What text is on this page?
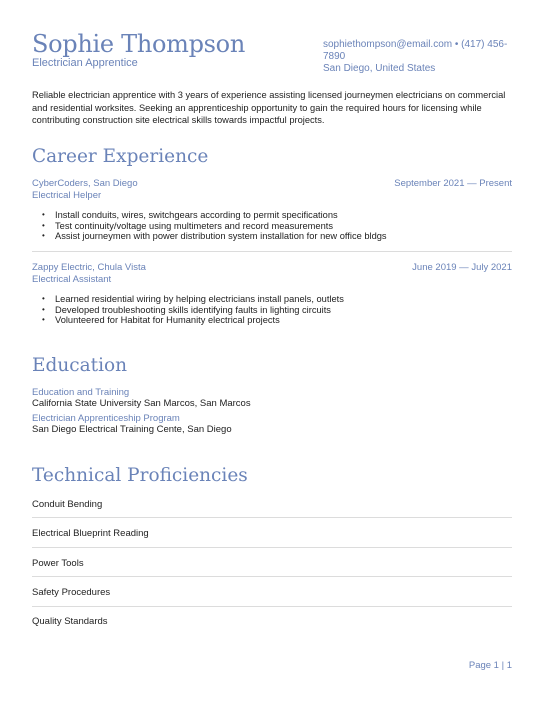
Sophie Thompson
Electrician Apprentice
sophiethompson@email.com • (417) 456-7890
San Diego, United States

Reliable electrician apprentice with 3 years of experience assisting licensed journeymen electricians on commercial and residential worksites. Seeking an apprenticeship opportunity to gain the required hours for licensing while contributing construction site electrical skills towards impactful projects.

Career Experience
CyberCoders, San Diego	September 2021 — Present
Electrical Helper
• Install conduits, wires, switchgears according to permit specifications
• Test continuity/voltage using multimeters and record measurements
• Assist journeymen with power distribution system installation for new office bldgs
Zappy Electric, Chula Vista	June 2019 — July 2021
Electrical Assistant
• Learned residential wiring by helping electricians install panels, outlets
• Developed troubleshooting skills identifying faults in lighting circuits
• Volunteered for Habitat for Humanity electrical projects
Education
Education and Training
California State University San Marcos, San Marcos
Electrician Apprenticeship Program
San Diego Electrical Training Cente, San Diego
Technical Proficiencies
Conduit Bending
Electrical Blueprint Reading
Power Tools
Safety Procedures
Quality Standards
Page 1 | 1
